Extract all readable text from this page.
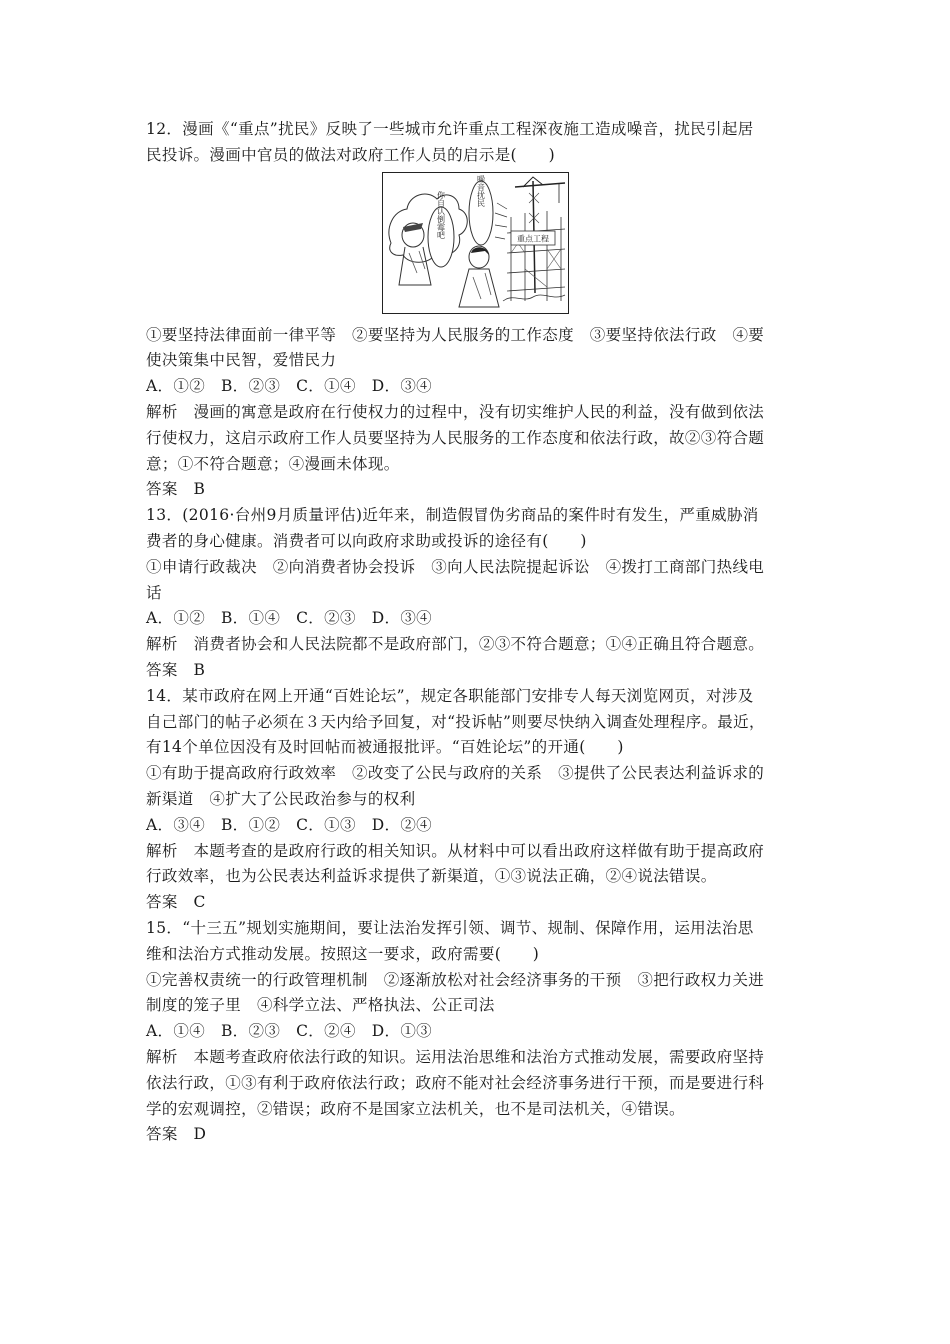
12．漫画《“重点”扰民》反映了一些城市允许重点工程深夜施工造成噪音，扰民引起居
民投诉。漫画中官员的做法对政府工作人员的启示是(　　)
你自认倒霉吧	噪音扰民
重点工程
①要坚持法律面前一律平等　②要坚持为人民服务的工作态度　③要坚持依法行政　④要
使决策集中民智，爱惜民力
A．①②　B．②③　C．①④　D．③④
解析　漫画的寓意是政府在行使权力的过程中，没有切实维护人民的利益，没有做到依法
行使权力，这启示政府工作人员要坚持为人民服务的工作态度和依法行政，故②③符合题
意；①不符合题意；④漫画未体现。
答案　B
13．(2016·台州9月质量评估)近年来，制造假冒伪劣商品的案件时有发生，严重威胁消
费者的身心健康。消费者可以向政府求助或投诉的途径有(　　)
①申请行政裁决　②向消费者协会投诉　③向人民法院提起诉讼　④拨打工商部门热线电
话
A．①②　B．①④　C．②③　D．③④
解析　消费者协会和人民法院都不是政府部门，②③不符合题意；①④正确且符合题意。
答案　B
14．某市政府在网上开通“百姓论坛”，规定各职能部门安排专人每天浏览网页，对涉及
自己部门的帖子必须在３天内给予回复，对“投诉帖”则要尽快纳入调查处理程序。最近，
有14个单位因没有及时回帖而被通报批评。“百姓论坛”的开通(　　)
①有助于提高政府行政效率　②改变了公民与政府的关系　③提供了公民表达利益诉求的
新渠道　④扩大了公民政治参与的权利
A．③④　B．①②　C．①③　D．②④
解析　本题考查的是政府行政的相关知识。从材料中可以看出政府这样做有助于提高政府
行政效率，也为公民表达利益诉求提供了新渠道，①③说法正确，②④说法错误。
答案　C
15．“十三五”规划实施期间，要让法治发挥引领、调节、规制、保障作用，运用法治思
维和法治方式推动发展。按照这一要求，政府需要(　　)
①完善权责统一的行政管理机制　②逐渐放松对社会经济事务的干预　③把行政权力关进
制度的笼子里　④科学立法、严格执法、公正司法
A．①④　B．②③　C．②④　D．①③
解析　本题考查政府依法行政的知识。运用法治思维和法治方式推动发展，需要政府坚持
依法行政，①③有利于政府依法行政；政府不能对社会经济事务进行干预，而是要进行科
学的宏观调控，②错误；政府不是国家立法机关，也不是司法机关，④错误。
答案　D
